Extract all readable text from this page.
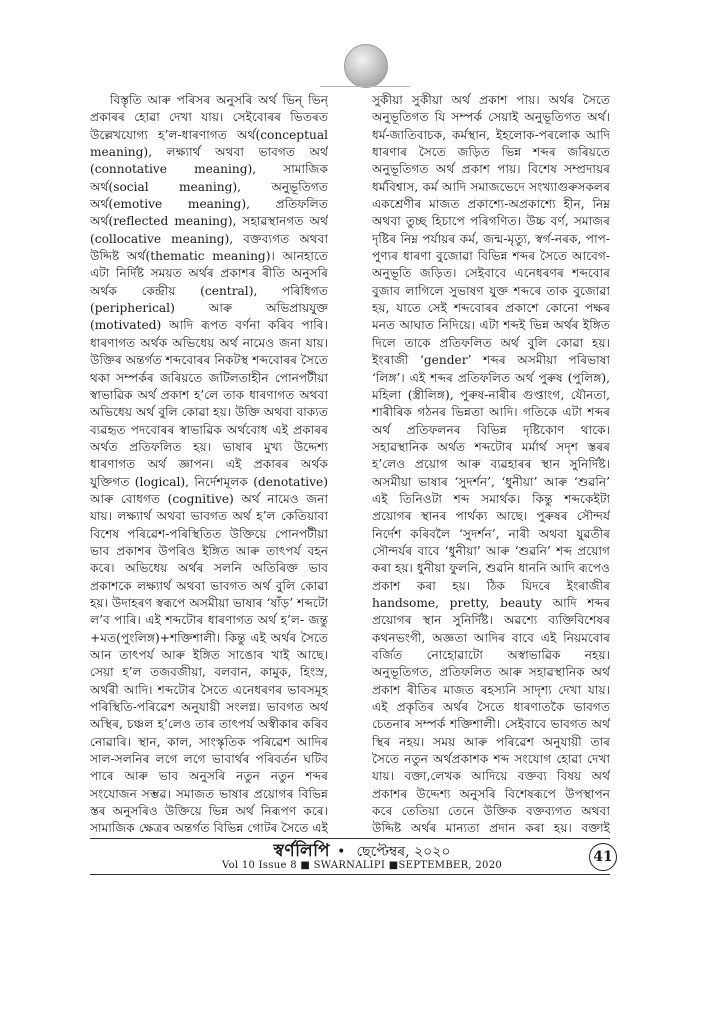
বিস্তৃতি আৰু পৰিসৰ অনুসৰি অৰ্থ ভিন্ ভিন্ প্ৰকাৰৰ হোৱা দেখা যায়। সেইবোৰৰ ভিতৰত উল্লেখযোগ্য হ’ল-ধাৰণাগত অৰ্থ(conceptual meaning), লক্ষ্যাৰ্থ অথবা ভাবগত অৰ্থ (connotative meaning), সামাজিক অৰ্থ(social meaning), অনুভূতিগত অৰ্থ(emotive meaning), প্ৰতিফলিত অৰ্থ(reflected meaning), সহাৱস্থানগত অৰ্থ (collocative meaning), বক্তব্যগত অথবা উদ্দিষ্ট অৰ্থ(thematic meaning)। আনহাতে এটা নিৰ্দিষ্ট সময়ত অৰ্থৰ প্ৰকাশৰ ৰীতি অনুসৰি অৰ্থক কেন্দ্ৰীয় (central), পৰিধিগত (peripherical) আৰু অভিপ্ৰায়যুক্ত (motivated) আদি ৰূপত বৰ্ণনা কৰিব পাৰি। ধাৰণাগত অৰ্থক অভিধেয় অৰ্থ নামেও জনা যায়। উক্তিৰ অন্তৰ্গত শব্দবোৰৰ নিকটস্থ শব্দবোৰৰ সৈতে থকা সম্পৰ্কৰ জৰিয়তে জটিলতাহীন পোনপটীয়া স্বাভাৱিক অৰ্থ প্ৰকাশ হ’লে তাক ধাৰণাগত অথবা অভিধেয় অৰ্থ বুলি কোৱা হয়। উক্তি অথবা বাক্যত ব্যৱহৃত পদবোৰৰ স্বাভাৱিক অৰ্থবোধ এই প্ৰকাৰৰ অৰ্থত প্ৰতিফলিত হয়। ভাষাৰ মুখ্য উদ্দেশ্য ধাৰণাগত অৰ্থ জ্ঞাপন। এই প্ৰকাৰৰ অৰ্থক যুক্তিগত (logical), নিৰ্দেশমূলক (denotative) আৰু বোধগত (cognitive) অৰ্থ নামেও জনা যায়। লক্ষ্যাৰ্থ অথবা ভাবগত অৰ্থ হ’ল কেতিয়াবা বিশেষ পৰিৱেশ-পৰিস্থিতিত উক্তিয়ে পোনপটীয়া ভাব প্ৰকাশৰ উপৰিও ইঙ্গিত আৰু তাৎপৰ্য বহন কৰে। অভিধেয় অৰ্থৰ সলনি অতিৰিক্ত ভাব প্ৰকাশকে লক্ষ্যাৰ্থ অথবা ভাবগত অৰ্থ বুলি কোৱা হয়। উদাহৰণ স্বৰূপে অসমীয়া ভাষাৰ ‘ষাঁড়’ শব্দটো ল’ব পাৰি। এই শব্দটোৰ ধাৰণাগত অৰ্থ হ’ল- জন্তু +মত(পুংলিঙ্গ)+শক্তিশালী। কিন্তু এই অৰ্থৰ সৈতে আন তাৎপৰ্য আৰু ইঙ্গিত সাঙোৰ খাই আছে। সেয়া হ’ল তজবজীয়া, বলবান, কামুক, হিংস্ৰ, অৰ্থৰী আদি। শব্দটোৰ সৈতে এনেধৰণৰ ভাবসমূহ পৰিস্থিতি-পৰিৱেশ অনুযায়ী সংলগ্ন। ভাবগত অৰ্থ অস্থিৰ, চঞ্চল হ’লেও তাৰ তাৎপৰ্য অস্বীকাৰ কৰিব নোৱাৰি। স্থান, কাল, সাংস্কৃতিক পৰিৱেশ আদিৰ সাল-সলনিৰ লগে লগে ভাবাৰ্থৰ পৰিবৰ্তন ঘটিব পাৰে আৰু ভাব অনুসৰি নতুন নতুন শব্দৰ সংযোজন সম্ভৱ। সমাজত ভাষাৰ প্ৰয়োগৰ বিভিন্ন স্তৰ অনুসৰিও উক্তিয়ে ভিন্ন অৰ্থ নিৰূপণ কৰে। সামাজিক ক্ষেত্ৰৰ অন্তৰ্গত বিভিন্ন গোটৰ সৈতে এই

সুকীয়া সুকীয়া অৰ্থ প্ৰকাশ পায়। অৰ্থৰ সৈতে অনুভূতিগত যি সম্পৰ্ক সেয়াই অনুভূতিগত অৰ্থ। ধৰ্ম-জাতিবাচক, কৰ্মস্থান, ইহলোক-পৰলোক আদি ধাৰণাৰ সৈতে জড়িত ভিন্ন শব্দৰ জৰিয়তে অনুভূতিগত অৰ্থ প্ৰকাশ পায়। বিশেষ সম্প্ৰদায়ৰ ধৰ্মবিশ্বাস, কৰ্ম আদি সমাজভেদে সংখ্যাগুৰুসকলৰ একশ্ৰেণীৰ মাজত প্ৰকাশ্যে-অপ্ৰকাশ্যে হীন, নিম্ন অথবা তুচ্ছ হিচাপে পৰিগণিত। উচ্চ বৰ্ণ, সমাজৰ দৃষ্টিৰ নিম্ন পৰ্যায়ৰ কৰ্ম, জন্ম-মৃত্যু, স্বৰ্গ-নৰক, পাপ-পুণ্যৰ ধাৰণা বুজোৱা বিভিন্ন শব্দৰ সৈতে আবেগ-অনুভূতি জড়িত। সেইবাবে এনেধৰণৰ শব্দবোৰ বুজাব লাগিলে সুভাষণ যুক্ত শব্দৰে তাক বুজোৱা হয়, যাতে সেই শব্দবোৰৰ প্ৰকাশে কোনো পক্ষৰ মনত আঘাত নিদিয়ে। এটা শব্দই ভিন্ন অৰ্থৰ ইঙ্গিত দিলে তাকে প্ৰতিফলিত অৰ্থ বুলি কোৱা হয়। ইংৰাজী ‘gender’ শব্দৰ অসমীয়া পৰিভাষা ‘লিঙ্গ’। এই শব্দৰ প্ৰতিফলিত অৰ্থ পুৰুষ (পুলিঙ্গ), মহিলা (স্ত্ৰীলিঙ্গ), পুৰুষ-নাৰীৰ গুপ্তাংগ, যৌনতা, শাৰীৰিক গঠনৰ ভিন্নতা আদি। গতিকে এটা শব্দৰ অৰ্থ প্ৰতিফলনৰ বিভিন্ন দৃষ্টিকোণ থাকে। সহাৱস্থানিক অৰ্থত শব্দটোৰ মৰ্মাৰ্থ সদৃশ স্তৰৰ হ’লেও প্ৰয়োগ আৰু ব্যৱহাৰৰ স্থান সুনিৰ্দিষ্ট। অসমীয়া ভাষাৰ ‘সুদৰ্শন’, ‘ধুনীয়া’ আৰু ‘শুৱনি’ এই তিনিওটা শব্দ সমাৰ্থক। কিন্তু শব্দকেইটা প্ৰয়োগৰ স্থানৰ পাৰ্থক্য আছে। পুৰুষৰ সৌন্দৰ্য নিৰ্দেশ কৰিবলৈ ‘সুদৰ্শন’, নাৰী অথবা যুৱতীৰ সৌন্দৰ্যৰ বাবে ‘ধুনীয়া’ আৰু ‘শুৱনি’ শব্দ প্ৰয়োগ কৰা হয়। ধুনীয়া ফুলনি, শুৱনি ধাননি আদি ৰূপেও প্ৰকাশ কৰা হয়। ঠিক যিদৰে ইংৰাজীৰ handsome, pretty, beauty আদি শব্দৰ প্ৰয়োগৰ স্থান সুনিৰ্দিষ্ট। অৱশ্যে ব্যক্তিবিশেষৰ কথনভংগী, অজ্ঞতা আদিৰ বাবে এই নিয়মবোৰ বৰ্জিত নোহোৱাটো অস্বাভাৱিক নহয়। অনুভূতিগত, প্ৰতিফলিত আৰু সহাৱস্থানিক অৰ্থ প্ৰকাশ ৰীতিৰ মাজত ৰহস্যনি সাদৃশ্য দেখা যায়। এই প্ৰকৃতিৰ অৰ্থৰ সৈতে ধাৰণাতকৈ ভাবগত চেতনাৰ সম্পৰ্ক শক্তিশালী। সেইবাবে ভাবগত অৰ্থ স্থিৰ নহয়। সময় আৰু পৰিৱেশ অনুযায়ী তাৰ সৈতে নতুন অৰ্থপ্ৰকাশক শব্দ সংযোগ হোৱা দেখা যায়। বক্তা,লেখক আদিয়ে বক্তব্য বিষয় অৰ্থ প্ৰকাশৰ উদ্দেশ্য অনুসৰি বিশেষৰূপে উপস্থাপন কৰে তেতিয়া তেনে উক্তিক বক্তব্যগত অথবা উদ্দিষ্ট অৰ্থৰ মান্যতা প্ৰদান কৰা হয়। বক্তাই

স্বৰ্ণলিপি • ছেপ্টেম্বৰ, ২০২০
Vol 10 Issue 8 ■ SWARNALIPI ■SEPTEMBER, 2020
41
